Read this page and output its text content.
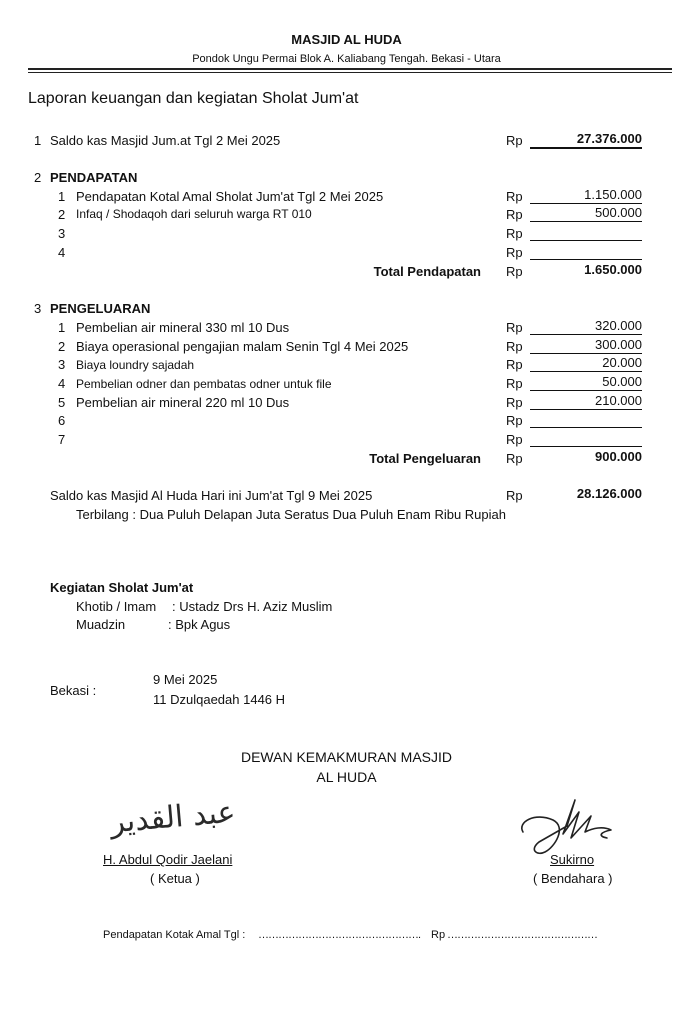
MASJID AL HUDA
Pondok Ungu Permai Blok A. Kaliabang Tengah. Bekasi - Utara
Laporan keuangan dan kegiatan Sholat Jum'at
1 Saldo kas Masjid Jum.at Tgl 2 Mei 2025	Rp	27.376.000
2 PENDAPATAN
1 Pendapatan Kotal Amal Sholat Jum'at Tgl 2 Mei 2025	Rp	1.150.000
2 Infaq / Shodaqoh dari seluruh warga RT 010	Rp	500.000
3	Rp
4	Rp
Total Pendapatan Rp	1.650.000
3 PENGELUARAN
1 Pembelian air mineral 330 ml 10 Dus	Rp	320.000
2 Biaya operasional pengajian malam Senin Tgl 4 Mei 2025	Rp	300.000
3 Biaya loundry sajadah	Rp	20.000
4 Pembelian odner dan pembatas odner untuk file	Rp	50.000
5 Pembelian air mineral 220 ml 10 Dus	Rp	210.000
6	Rp
7	Rp
Total Pengeluaran Rp	900.000
Saldo kas Masjid Al Huda Hari ini Jum'at Tgl 9 Mei 2025	Rp	28.126.000
Terbilang : Dua Puluh Delapan Juta Seratus Dua Puluh Enam Ribu Rupiah
Kegiatan Sholat Jum'at
Khotib / Imam : Ustadz Drs H. Aziz Muslim
Muadzin	: Bpk Agus
Bekasi :
9 Mei 2025
11 Dzulqaedah 1446 H
DEWAN KEMAKMURAN MASJID
AL HUDA
عبد القدير
H. Abdul Qodir Jaelani
( Ketua )
Sukirno
( Bendahara )
Pendapatan Kotak Amal Tgl : …………………………………………. Rp ………………………………………
